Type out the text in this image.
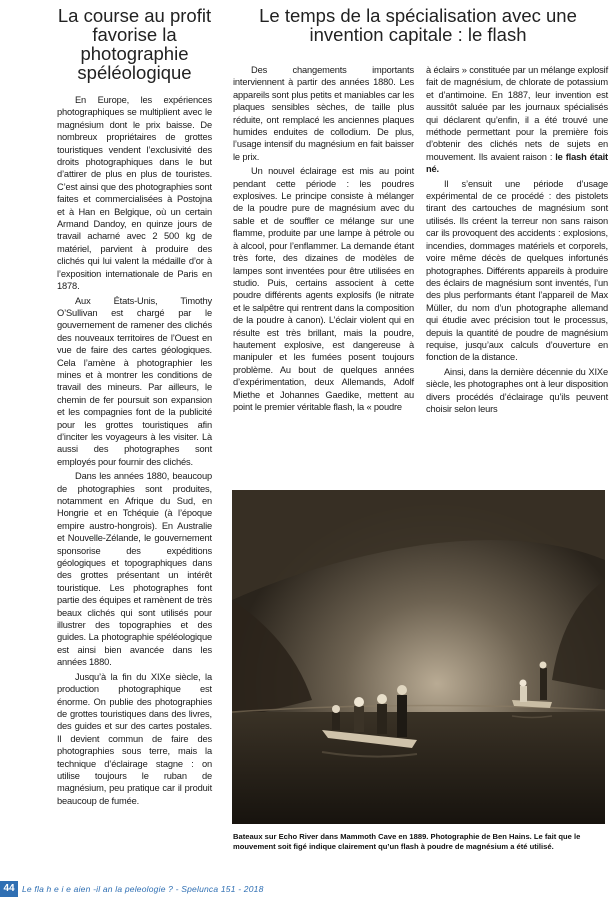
La course au profit favorise la photographie spéléologique

En Europe, les expériences photographiques se multiplient avec le magnésium dont le prix baisse. De nombreux propriétaires de grottes touristiques vendent l’exclusivité des droits photographiques dans le but d’attirer de plus en plus de touristes. C’est ainsi que des photographies sont faites et commercialisées à Postojna et à Han en Belgique, où un certain Armand Dandoy, en quinze jours de travail acharné avec 2 500 kg de matériel, parvient à produire des clichés qui lui valent la médaille d’or à l’exposition internationale de Paris en 1878.

Aux États-Unis, Timothy O’Sullivan est chargé par le gouvernement de ramener des clichés des nouveaux territoires de l’Ouest en vue de faire des cartes géologiques. Cela l’amène à photographier les mines et à montrer les conditions de travail des mineurs. Par ailleurs, le chemin de fer poursuit son expansion et les compagnies font de la publicité pour les grottes touristiques afin d’inciter les voyageurs à les visiter. Là aussi des photographes sont employés pour fournir des clichés.

Dans les années 1880, beaucoup de photographies sont produites, notamment en Afrique du Sud, en Hongrie et en Tchéquie (à l’époque empire austro-hongrois). En Australie et Nouvelle-Zélande, le gouvernement sponsorise des expéditions géologiques et topographiques dans des grottes présentant un intérêt touristique. Les photographes font partie des équipes et ramènent de très beaux clichés qui sont utilisés pour illustrer des topographies et des guides. La photographie spéléologique est ainsi bien avancée dans les années 1880.

Jusqu’à la fin du XIXe siècle, la production photographique est énorme. On publie des photographies de grottes touristiques dans des livres, des guides et sur des cartes postales. Il devient commun de faire des photographies sous terre, mais la technique d’éclairage stagne : on utilise toujours le ruban de magnésium, peu pratique car il produit beaucoup de fumée.

Le temps de la spécialisation avec une invention capitale : le flash

Des changements importants interviennent à partir des années 1880. Les appareils sont plus petits et maniables car les plaques sensibles sèches, de taille plus réduite, ont remplacé les anciennes plaques humides enduites de collodium. De plus, l’usage intensif du magnésium en fait baisser le prix.

Un nouvel éclairage est mis au point pendant cette période : les poudres explosives. Le principe consiste à mélanger de la poudre pure de magnésium avec du sable et de souffler ce mélange sur une flamme, produite par une lampe à pétrole ou à alcool, pour l’enflammer. La demande étant très forte, des dizaines de modèles de lampes sont inventées pour être utilisées en studio. Puis, certains associent à cette poudre différents agents explosifs (le nitrate et le salpêtre qui rentrent dans la composition de la poudre à canon). L’éclair violent qui en résulte est très brillant, mais la poudre, hautement explosive, est dangereuse à manipuler et les fumées posent toujours problème. Au bout de quelques années d’expérimentation, deux Allemands, Adolf Miethe et Johannes Gaedike, mettent au point le premier véritable flash, la « poudre

à éclairs » constituée par un mélange explosif fait de magnésium, de chlorate de potassium et d’antimoine. En 1887, leur invention est aussitôt saluée par les journaux spécialisés qui déclarent qu’enfin, il a été trouvé une méthode permettant pour la première fois d’obtenir des clichés nets de sujets en mouvement. Ils avaient raison : le flash était né.

Il s’ensuit une période d’usage expérimental de ce procédé : des pistolets tirant des cartouches de magnésium sont utilisés. Ils créent la terreur non sans raison car ils provoquent des accidents : explosions, incendies, dommages matériels et corporels, voire même décès de quelques infortunés photographes. Différents appareils à produire des éclairs de magnésium sont inventés, l’un des plus performants étant l’appareil de Max Müller, du nom d’un photographe allemand qui étudie avec précision tout le processus, depuis la quantité de poudre de magnésium requise, jusqu’aux calculs d’ouverture en fonction de la distance.

Ainsi, dans la dernière décennie du XIXe siècle, les photographes ont à leur disposition divers procédés d’éclairage qu’ils peuvent choisir selon leurs

Bateaux sur Echo River dans Mammoth Cave en 1889. Photographie de Ben Hains. Le fait que le mouvement soit figé indique clairement qu’un flash à poudre de magnésium a été utilisé.

44 Le fla h e i e aien -il an la peleologie ? - Spelunca 151 - 2018
